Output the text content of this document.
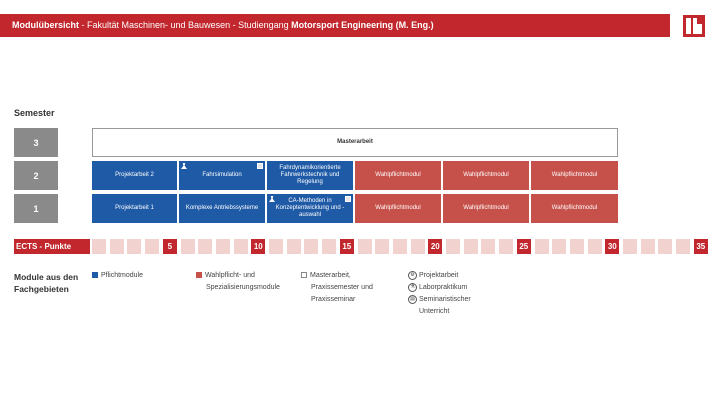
Modulübersicht - Fakultät Maschinen- und Bauwesen - Studiengang Motorsport Engineering (M. Eng.)
Semester
3
2
1
Masterarbeit
Projektarbeit 2	Fahrsimulation
Fahrdynamikorientierte Fahrwerkstechnik und Regelung
Wahlpflichtmodul	Wahlpflichtmodul	Wahlpflichtmodul
Projektarbeit 1	Komplexe Antriebssysteme
CA-Methoden in Konzeptentwicklung und -auswahl
Wahlpflichtmodul	Wahlpflichtmodul	Wahlpflichtmodul
ECTS - Punkte	5	10	15	20	25	30	35
Module aus den
Fachgebieten
Pflichtmodule	Wahlpflicht- und
Spezialisierungsmodule
Masterarbeit,
Praxissemester und
Praxisseminar
⚙ Projektarbeit
⚗ Laborpraktikum
▤ Seminaristischer
Unterricht
